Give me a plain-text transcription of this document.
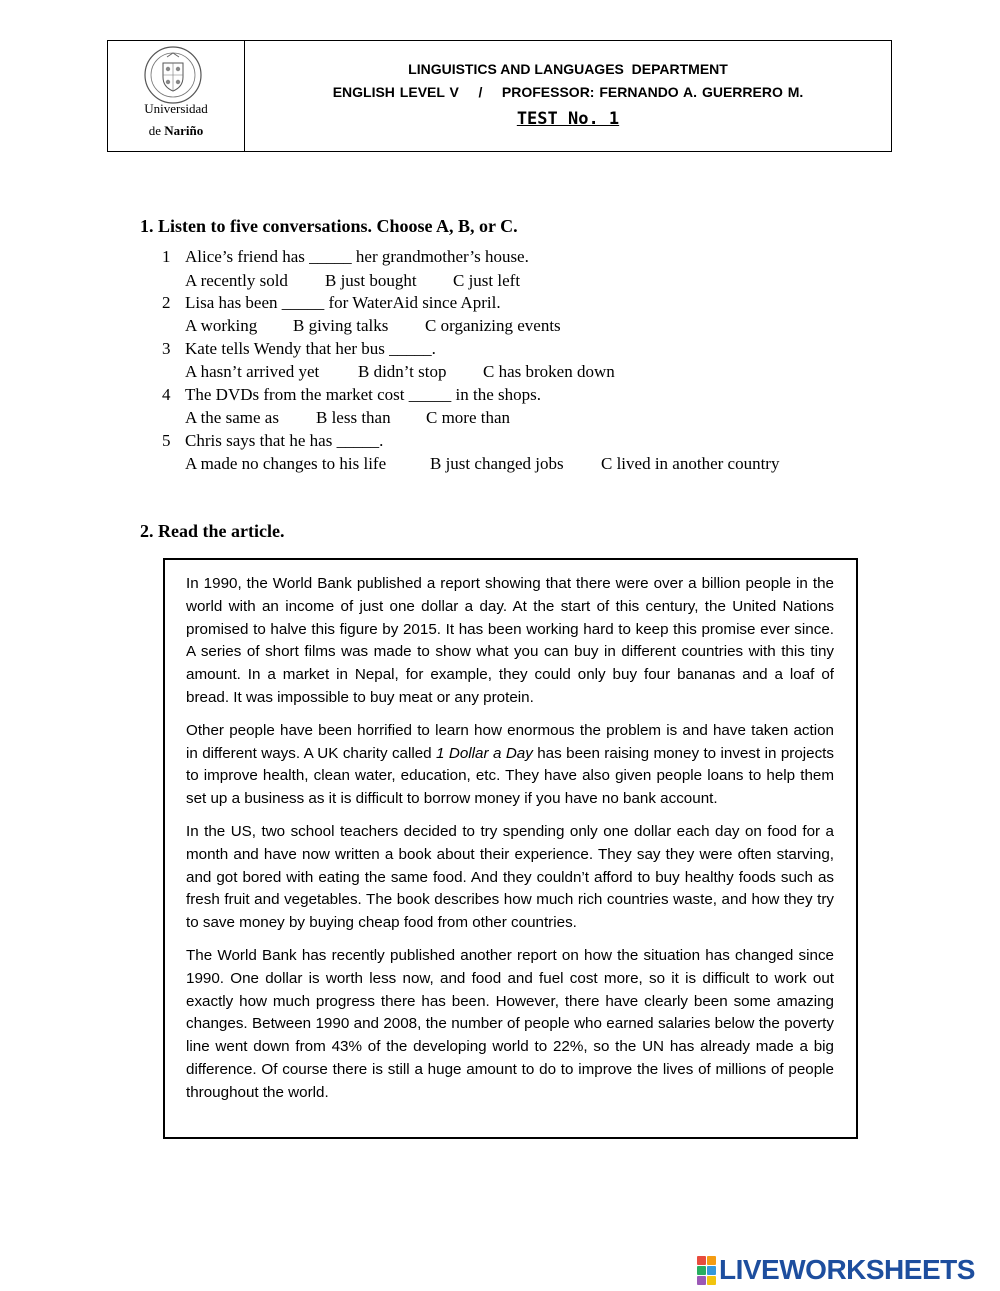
Universidad
de Nariño
LINGUISTICS AND LANGUAGES  DEPARTMENT
ENGLISH LEVEL V    /    PROFESSOR: FERNANDO A. GUERRERO M.
TEST No. 1
1. Listen to five conversations. Choose A, B, or C.
1 Alice’s friend has _____ her grandmother’s house.
A recently sold B just bought C just left
2 Lisa has been _____ for WaterAid since April.
A working B giving talks C organizing events
3 Kate tells Wendy that her bus _____.
A hasn’t arrived yet B didn’t stop C has broken down
4 The DVDs from the market cost _____ in the shops.
A the same as B less than C more than
5 Chris says that he has _____.
A made no changes to his life	B just changed jobs C lived in another country
2. Read the article.

In 1990, the World Bank published a report showing that there were over a billion people in the world with an income of just one dollar a day. At the start of this century, the United Nations promised to halve this figure by 2015. It has been working hard to keep this promise ever since. A series of short films was made to show what you can buy in different countries with this tiny amount. In a market in Nepal, for example, they could only buy four bananas and a loaf of bread. It was impossible to buy meat or any protein.

Other people have been horrified to learn how enormous the problem is and have taken action in different ways. A UK charity called 1 Dollar a Day has been raising money to invest in projects to improve health, clean water, education, etc. They have also given people loans to help them set up a business as it is difficult to borrow money if you have no bank account.

In the US, two school teachers decided to try spending only one dollar each day on food for a month and have now written a book about their experience. They say they were often starving, and got bored with eating the same food. And they couldn’t afford to buy healthy foods such as fresh fruit and vegetables. The book describes how much rich countries waste, and how they try to save money by buying cheap food from other countries.

The World Bank has recently published another report on how the situation has changed since 1990. One dollar is worth less now, and food and fuel cost more, so it is difficult to work out exactly how much progress there has been. However, there have clearly been some amazing changes. Between 1990 and 2008, the number of people who earned salaries below the poverty line went down from 43% of the developing world to 22%, so the UN has already made a big difference. Of course there is still a huge amount to do to improve the lives of millions of people throughout the world.

LIVEWORKSHEETS
